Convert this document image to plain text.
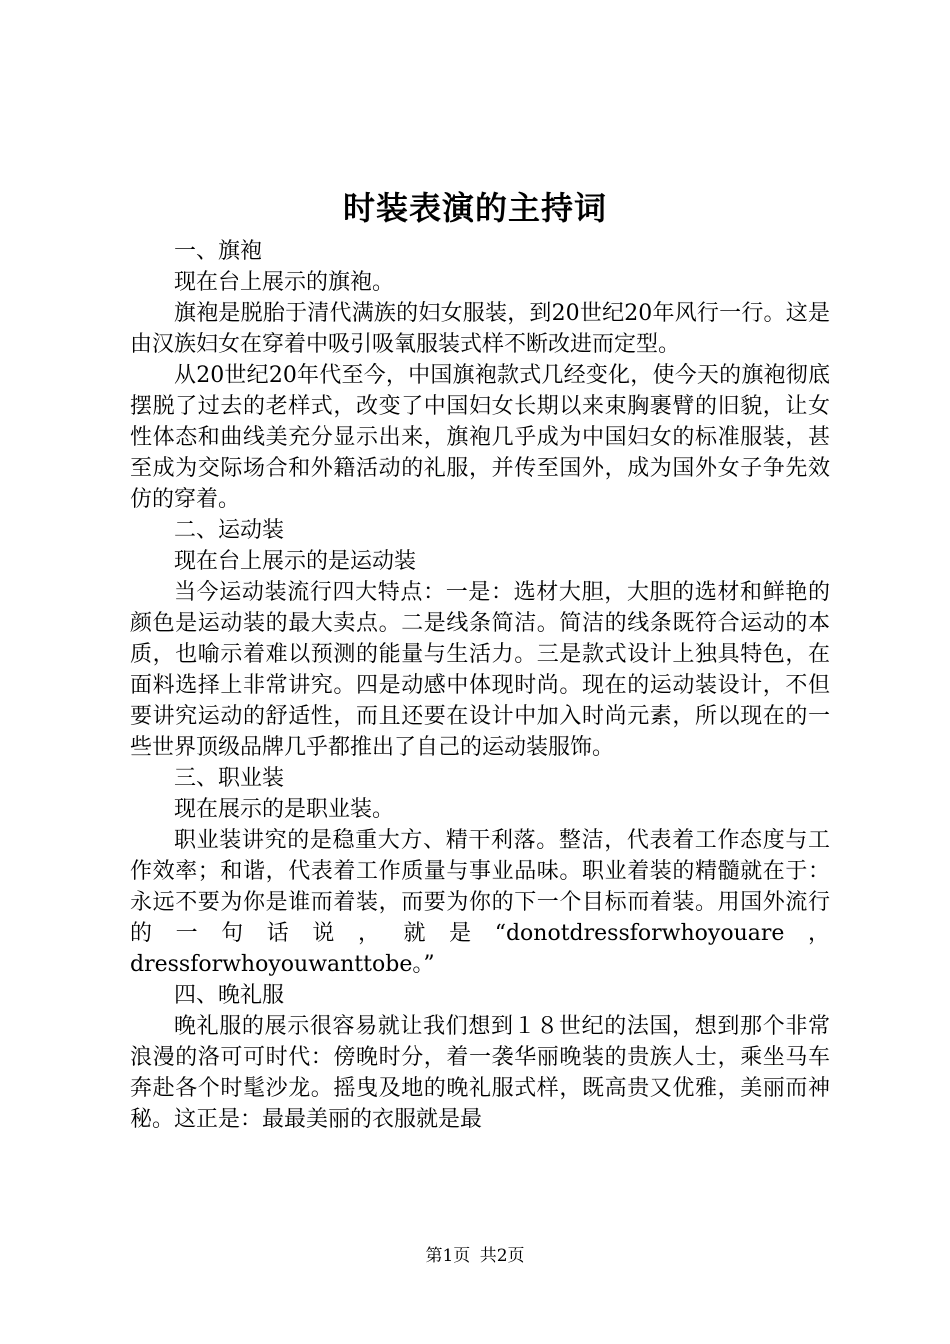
时装表演的主持词

一、旗袍

现在台上展示的旗袍。

旗袍是脱胎于清代满族的妇女服装，到20世纪20年风行一行。这是由汉族妇女在穿着中吸引吸氧服装式样不断改进而定型。

从20世纪20年代至今，中国旗袍款式几经变化，使今天的旗袍彻底摆脱了过去的老样式，改变了中国妇女长期以来束胸裹臂的旧貌，让女性体态和曲线美充分显示出来，旗袍几乎成为中国妇女的标准服装，甚至成为交际场合和外籍活动的礼服，并传至国外，成为国外女子争先效仿的穿着。

二、运动装

现在台上展示的是运动装

当今运动装流行四大特点：一是：选材大胆，大胆的选材和鲜艳的颜色是运动装的最大卖点。二是线条简洁。简洁的线条既符合运动的本质，也喻示着难以预测的能量与生活力。三是款式设计上独具特色，在面料选择上非常讲究。四是动感中体现时尚。现在的运动装设计，不但要讲究运动的舒适性，而且还要在设计中加入时尚元素，所以现在的一些世界顶级品牌几乎都推出了自己的运动装服饰。

三、职业装

现在展示的是职业装。

职业装讲究的是稳重大方、精干利落。整洁，代表着工作态度与工作效率；和谐，代表着工作质量与事业品味。职业着装的精髓就在于：永远不要为你是谁而着装，而要为你的下一个目标而着装。用国外流行的一句话说，就是“donotdressforwhoyouare，dressforwhoyouwanttobe。”

四、晚礼服

晚礼服的展示很容易就让我们想到１８世纪的法国，想到那个非常浪漫的洛可可时代：傍晚时分，着一袭华丽晚装的贵族人士，乘坐马车奔赴各个时髦沙龙。摇曳及地的晚礼服式样，既高贵又优雅，美丽而神秘。这正是：最最美丽的衣服就是最

第1页 共2页
